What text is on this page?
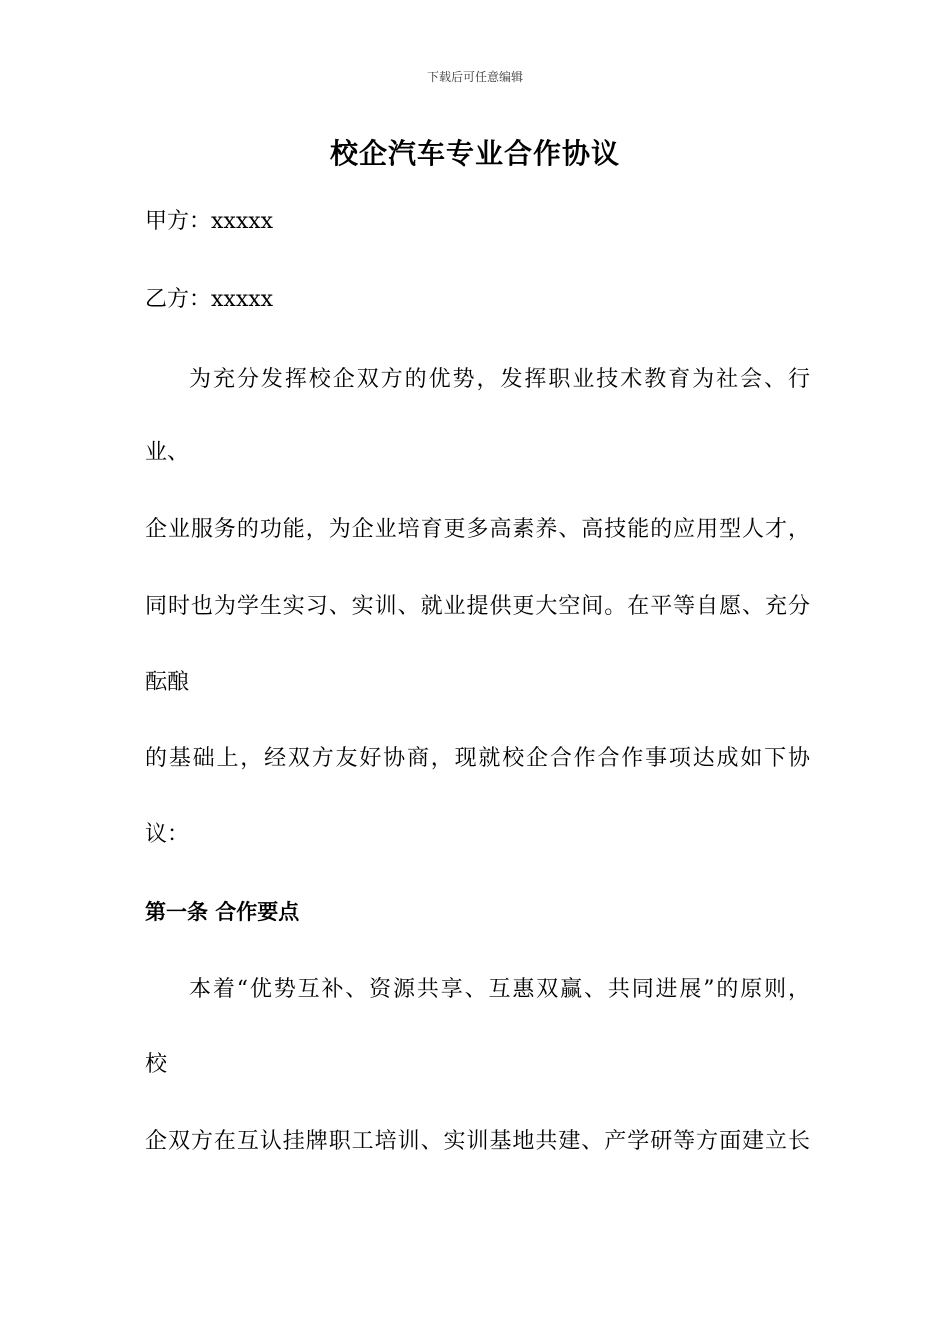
下载后可任意编辑
校企汽车专业合作协议
甲方：xxxxx
乙方：xxxxx
为充分发挥校企双方的优势，发挥职业技术教育为社会、行
业、
企业服务的功能，为企业培育更多高素养、高技能的应用型人才，
同时也为学生实习、实训、就业提供更大空间。在平等自愿、充分
酝酿
的基础上，经双方友好协商，现就校企合作合作事项达成如下协
议：
第一条 合作要点
本着“优势互补、资源共享、互惠双赢、共同进展”的原则，
校
企双方在互认挂牌职工培训、实训基地共建、产学研等方面建立长
